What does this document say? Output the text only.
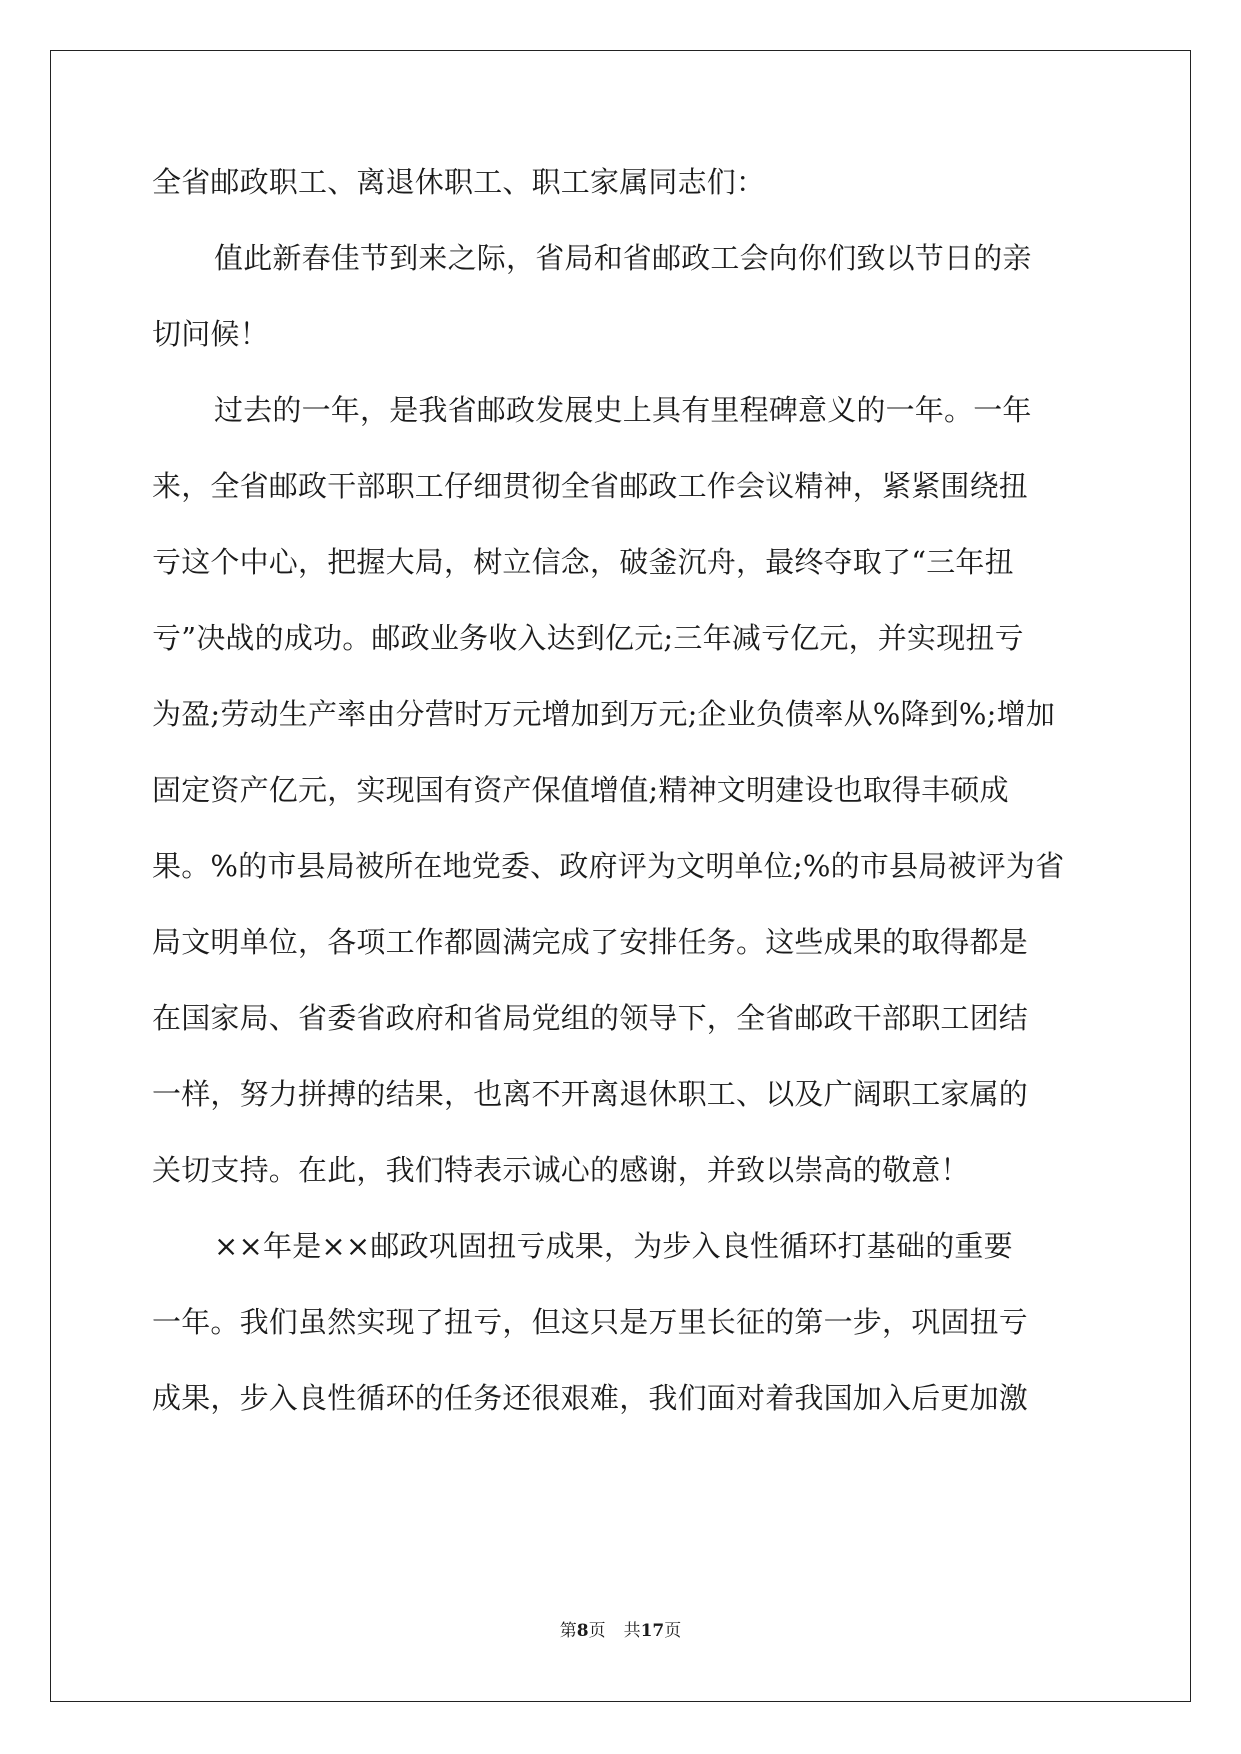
全省邮政职工、离退休职工、职工家属同志们：
值此新春佳节到来之际，省局和省邮政工会向你们致以节日的亲
切问候！
过去的一年，是我省邮政发展史上具有里程碑意义的一年。一年
来，全省邮政干部职工仔细贯彻全省邮政工作会议精神，紧紧围绕扭
亏这个中心，把握大局，树立信念，破釜沉舟，最终夺取了“三年扭
亏”决战的成功。邮政业务收入达到亿元;三年减亏亿元，并实现扭亏
为盈;劳动生产率由分营时万元增加到万元;企业负债率从%降到%;增加
固定资产亿元，实现国有资产保值增值;精神文明建设也取得丰硕成
果。%的市县局被所在地党委、政府评为文明单位;%的市县局被评为省
局文明单位，各项工作都圆满完成了安排任务。这些成果的取得都是
在国家局、省委省政府和省局党组的领导下，全省邮政干部职工团结
一样，努力拼搏的结果，也离不开离退休职工、以及广阔职工家属的
关切支持。在此，我们特表示诚心的感谢，并致以崇高的敬意！
××年是××邮政巩固扭亏成果，为步入良性循环打基础的重要
一年。我们虽然实现了扭亏，但这只是万里长征的第一步，巩固扭亏
成果，步入良性循环的任务还很艰难，我们面对着我国加入后更加激
第8页 共17页
